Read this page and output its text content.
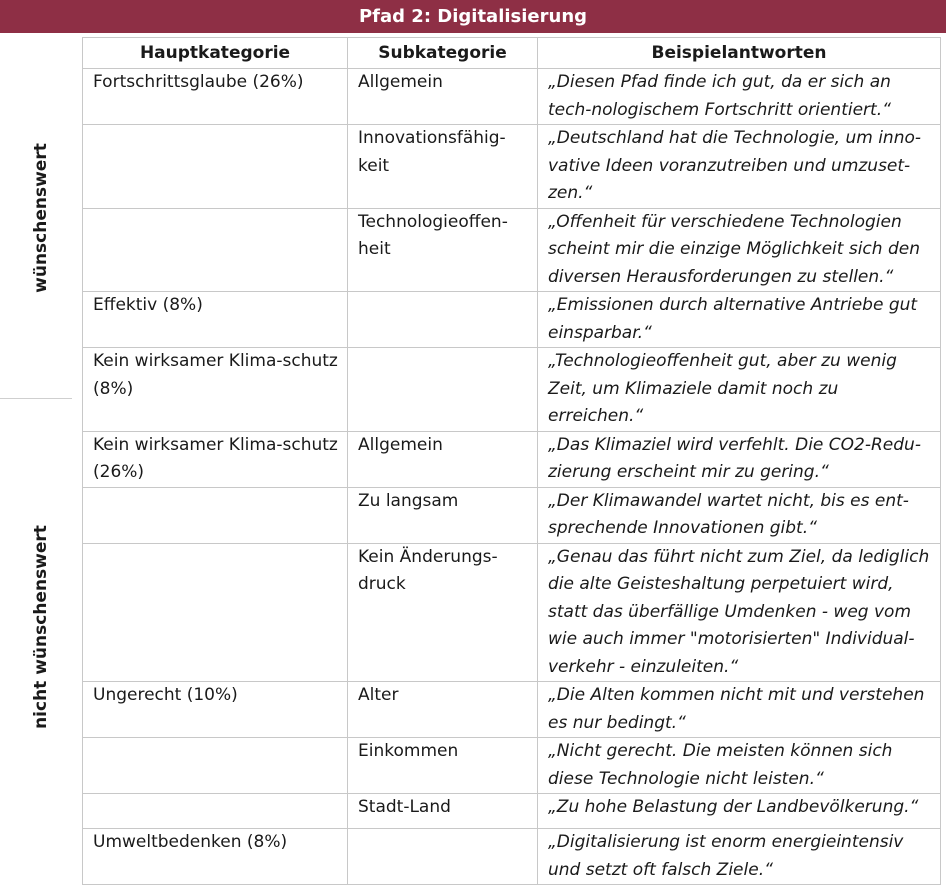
Pfad 2: Digitalisierung
wünschenswert
nicht wünschenswert
Hauptkategorie	Subkategorie	Beispielantworten
Fortschrittsglaube (26%)	Allgemein	„Diesen Pfad finde ich gut, da er sich an tech-nologischem Fortschritt orientiert.“
	Innovationsfähig-keit	„Deutschland hat die Technologie, um inno-vative Ideen voranzutreiben und umzuset-zen.“
	Technologieoffen-heit	„Offenheit für verschiedene Technologien scheint mir die einzige Möglichkeit sich den diversen Herausforderungen zu stellen.“
Effektiv (8%)		„Emissionen durch alternative Antriebe gut einsparbar.“
Kein wirksamer Klima-schutz (8%)		„Technologieoffenheit gut, aber zu wenig Zeit, um Klimaziele damit noch zu erreichen.“
Kein wirksamer Klima-schutz (26%)	Allgemein	„Das Klimaziel wird verfehlt. Die CO2-Redu-zierung erscheint mir zu gering.“
	Zu langsam	„Der Klimawandel wartet nicht, bis es ent-sprechende Innovationen gibt.“
	Kein Änderungs-druck	„Genau das führt nicht zum Ziel, da lediglich die alte Geisteshaltung perpetuiert wird, statt das überfällige Umdenken - weg vom wie auch immer "motorisierten" Individual-verkehr - einzuleiten.“
Ungerecht (10%)	Alter	„Die Alten kommen nicht mit und verstehen es nur bedingt.“
	Einkommen	„Nicht gerecht. Die meisten können sich diese Technologie nicht leisten.“
	Stadt-Land	„Zu hohe Belastung der Landbevölkerung.“
Umweltbedenken (8%)		„Digitalisierung ist enorm energieintensiv und setzt oft falsch Ziele.“
